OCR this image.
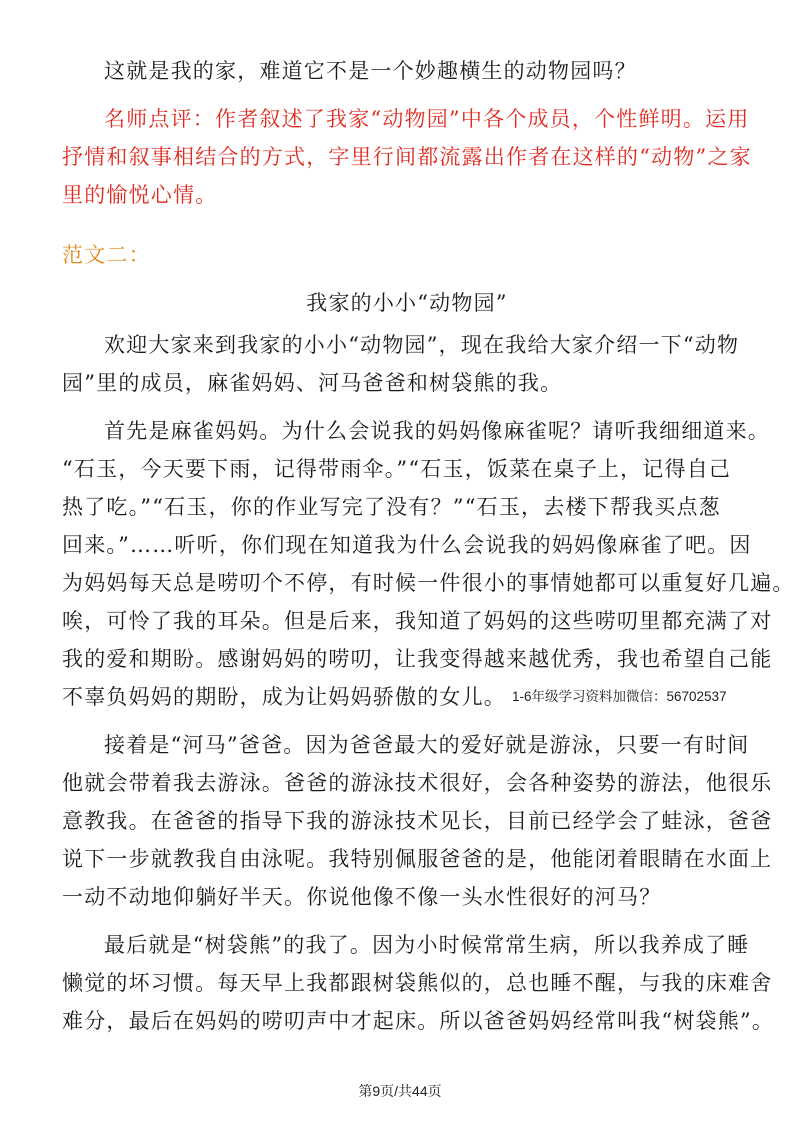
这就是我的家，难道它不是一个妙趣横生的动物园吗？

名师点评：作者叙述了我家“动物园”中各个成员，个性鲜明。运用

抒情和叙事相结合的方式，字里行间都流露出作者在这样的“动物”之家

里的愉悦心情。

范文二：

我家的小小“动物园”

欢迎大家来到我家的小小“动物园”，现在我给大家介绍一下“动物

园”里的成员，麻雀妈妈、河马爸爸和树袋熊的我。

首先是麻雀妈妈。为什么会说我的妈妈像麻雀呢？请听我细细道来。

“石玉，今天要下雨，记得带雨伞。”“石玉，饭菜在桌子上，记得自己

热了吃。”“石玉，你的作业写完了没有？”“石玉，去楼下帮我买点葱

回来。”……听听，你们现在知道我为什么会说我的妈妈像麻雀了吧。因

为妈妈每天总是唠叨个不停，有时候一件很小的事情她都可以重复好几遍。

唉，可怜了我的耳朵。但是后来，我知道了妈妈的这些唠叨里都充满了对

我的爱和期盼。感谢妈妈的唠叨，让我变得越来越优秀，我也希望自己能

不辜负妈妈的期盼，成为让妈妈骄傲的女儿。 1-6年级学习资料加微信：56702537

接着是“河马”爸爸。因为爸爸最大的爱好就是游泳，只要一有时间

他就会带着我去游泳。爸爸的游泳技术很好，会各种姿势的游法，他很乐

意教我。在爸爸的指导下我的游泳技术见长，目前已经学会了蛙泳，爸爸

说下一步就教我自由泳呢。我特别佩服爸爸的是，他能闭着眼睛在水面上

一动不动地仰躺好半天。你说他像不像一头水性很好的河马？

最后就是“树袋熊”的我了。因为小时候常常生病，所以我养成了睡

懒觉的坏习惯。每天早上我都跟树袋熊似的，总也睡不醒，与我的床难舍

难分，最后在妈妈的唠叨声中才起床。所以爸爸妈妈经常叫我“树袋熊”。

第9页/共44页
